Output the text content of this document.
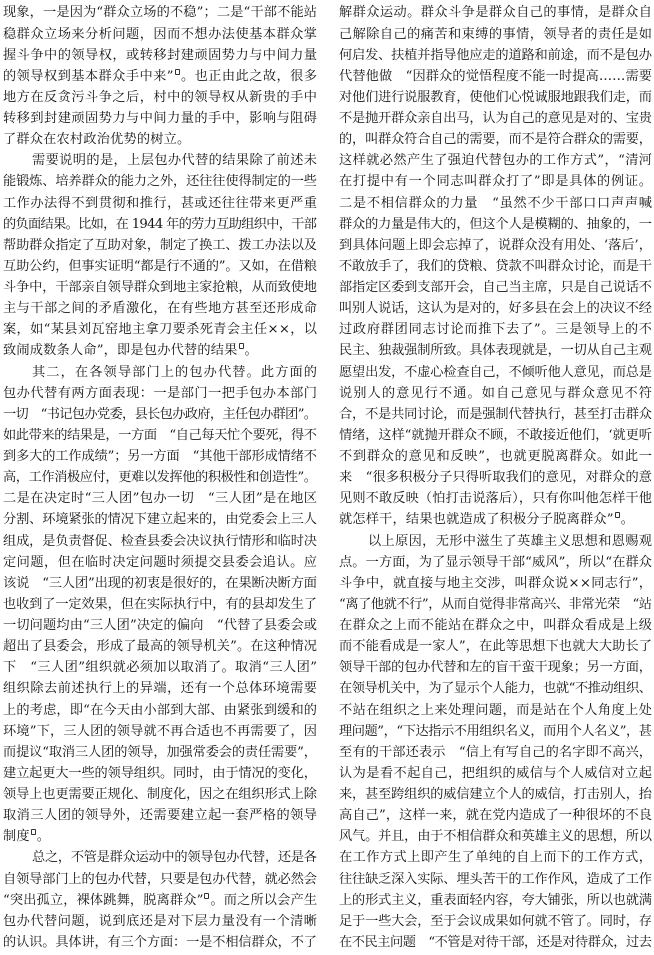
现象，一是因为“群众立场的不稳”；二是“干部不能站
稳群众立场来分析问题，因而不想办法使基本群众掌
握斗争中的领导权，或转移封建顽固势力与中间力量
的领导权到基本群众手中来” 。也正由此之故，很多
地方在反贪污斗争之后，村中的领导权从新贵的手中
转移到封建顽固势力与中间力量的手中，影响与阻碍
了群众在农村政治优势的树立。
需要说明的是，上层包办代替的结果除了前述未
能锻炼、培养群众的能力之外，还往往使得制定的一些
工作办法得不到贯彻和推行，甚或还往往带来更严重
的负面结果。比如，在 1944 年的劳力互助组织中，干部
帮助群众指定了互助对象，制定了换工、拨工办法以及
互助公约，但事实证明“都是行不通的”。又如，在借粮
斗争中，干部亲自领导群众到地主家抢粮，从而致使地
主与干部之间的矛盾激化，在有些地方甚至还形成命
案，如“某县刘瓦窑地主拿刀要杀死青会主任××，以
致闹成数条人命”，即是包办代替的结果 。
其二，在各领导部门上的包办代替。此方面的
包办代替有两方面表现：一是部门一把手包办本部门
一切　“书记包办党委，县长包办政府，主任包办群团”。
如此带来的结果是，一方面　“自己每天忙个要死，得不
到多大的工作成绩”；另一方面　“其他干部形成情绪不
高，工作消极应付，更难以发挥他的积极性和创造性”。
二是在决定时“三人团”包办一切　“三人团”是在地区
分割、环境紧张的情况下建立起来的，由党委会上三人
组成，是负责督促、检查县委会决议执行情形和临时决
定问题，但在临时决定问题时须提交县委会追认。应
该说　“三人团”出现的初衷是很好的，在果断决断方面
也收到了一定效果，但在实际执行中，有的县却发生了
一切问题均由“三人团”决定的偏向　“代替了县委会或
超出了县委会，形成了最高的领导机关”。在这种情况
下　“三人团”组织就必须加以取消了。取消“三人团”
组织除去前述执行上的异端，还有一个总体环境需要
上的考虑，即“在今天由小部到大部、由紧张到缓和的
环境”下，三人团的领导就不再合适也不再需要了，因
而提议“取消三人团的领导，加强常委会的责任需要”，
建立起更大一些的领导组织。同时，由于情况的变化，
领导上也更需要正规化、制度化，因之在组织形式上除
取消三人团的领导外，还需要建立起一套严格的领导
制度 。
总之，不管是群众运动中的领导包办代替，还是各
自领导部门上的包办代替，只要是包办代替，就必然会
“突出孤立，裸体跳舞，脱离群众” 。而之所以会产生
包办代替问题，说到底还是对下层力量没有一个清晰
的认识。具体讲，有三个方面：一是不相信群众，不了
解群众运动。群众斗争是群众自己的事情，是群众自
己解除自己的痛苦和束缚的事情，领导者的责任是如
何启发、扶植并指导他应走的道路和前途，而不是包办
代替他做　“因群众的觉悟程度不能一时提高……需要
对他们进行说服教育，使他们心悦诚服地跟我们走，而
不是抛开群众亲自出马，认为自己的意见是对的、宝贵
的，叫群众符合自己的需要，而不是符合群众的需要，
这样就必然产生了强迫代替包办的工作方式”，“清河
在打提中有一个同志叫群众打了”即是具体的例证。
二是不相信群众的力量　“虽然不少干部口口声声喊
群众的力量是伟大的，但这个人是模糊的、抽象的，一
到具体问题上即会忘掉了，说群众没有用处、‘落后’，
不敢放手了，我们的贷粮、贷款不叫群众讨论，而是干
部指定区委到支部开会，自己当主席，只是自己说话不
叫别人说话，这认为是对的，好多县在会上的决议不经
过政府群团同志讨论而推下去了”。三是领导上的不
民主、独裁强制所致。具体表现就是，一切从自己主观
愿望出发，不虚心检查自己，不倾听他人意见，而总是
说别人的意见行不通。如自己意见与群众意见不符
合，不是共同讨论，而是强制代替执行，甚至打击群众
情绪，这样“就抛开群众不顾，不敢接近他们，‘就更听
不到群众的意见和反映”，也就更脱离群众。如此一
来　“很多积极分子只得听取我们的意见，对群众的意
见则不敢反映（怕打击说落后），只有你叫他怎样干他
就怎样干，结果也就造成了积极分子脱离群众” 。
以上原因，无形中滋生了英雄主义思想和恩赐观
点。一方面，为了显示领导干部“威风”，所以“在群众
斗争中，就直接与地主交涉，叫群众说××同志行”，
“离了他就不行”，从而自觉得非常高兴、非常光荣　“站
在群众之上而不能站在群众之中，叫群众看成是上级
而不能看成是一家人”，在此等思想下也就大大助长了
领导干部的包办代替和左的盲干蛮干现象；另一方面，
在领导机关中，为了显示个人能力，也就“不推动组织、
不站在组织之上来处理问题，而是站在个人角度上处
理问题”，“下达指示不用组织名义，而用个人名义”，甚
至有的干部还表示　“信上有写自己的名字即不高兴，
认为是看不起自己，把组织的威信与个人威信对立起
来，甚至跨组织的威信建立个人的威信，打击别人，抬
高自己”，这样一来，就在党内造成了一种很坏的不良
风气。并且，由于不相信群众和英雄主义的思想，所以
在工作方式上即产生了单纯的自上而下的工作方式，
往往缺乏深入实际、埋头苦干的工作作风，造成了工作
上的形式主义，重表面轻内容，夸大铺张，所以也就满
足于一些大会，至于会议成果如何就不管了。同时，存
在不民主问题　“不管是对待干部，还是对待群众，过去
